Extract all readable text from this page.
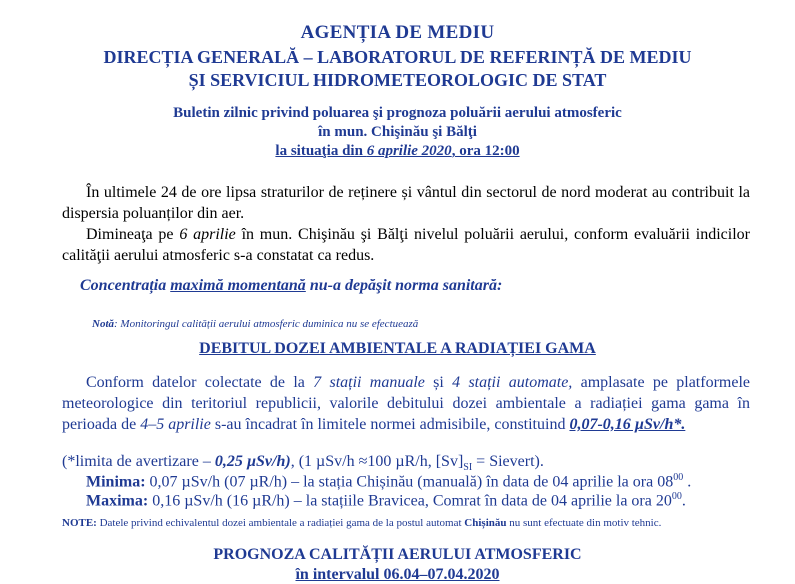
AGENȚIA DE MEDIU
DIRECȚIA GENERALĂ – LABORATORUL DE REFERINȚĂ DE MEDIU
ȘI SERVICIUL HIDROMETEOROLOGIC DE STAT
Buletin zilnic privind poluarea şi prognoza poluării aerului atmosferic
în mun. Chişinău şi Bălţi
la situaţia din 6 aprilie 2020, ora 12:00
În ultimele 24 de ore lipsa straturilor de reținere și vântul din sectorul de nord moderat au contribuit la dispersia poluanților din aer.
Dimineaţa pe 6 aprilie în mun. Chişinău şi Bălţi nivelul poluării aerului, conform evaluării indicilor calităţii aerului atmosferic s-a constatat ca redus.
Concentrația maximă momentană nu-a depăşit norma sanitară:
Notă: Monitoringul calității aerului atmosferic duminica nu se efectuează
DEBITUL DOZEI AMBIENTALE A RADIAȚIEI GAMA
Conform datelor colectate de la 7 stații manuale și 4 stații automate, amplasate pe platformele meteorologice din teritoriul republicii, valorile debitului dozei ambientale a radiației gama gama în perioada de 4–5 aprilie s-au încadrat în limitele normei admisibile, constituind 0,07-0,16 µSv/h*.
(*limita de avertizare – 0,25 µSv/h), (1 µSv/h ≈100 µR/h, $[Sv]_{SI}$ = Sievert).
Minima: 0,07 µSv/h (07 µR/h) – la stația Chișinău (manuală) în data de 04 aprilie la ora $08^{00}$ .
Maxima: 0,16 µSv/h (16 µR/h) – la stațiile Bravicea, Comrat în data de 04 aprilie la ora $20^{00}$.
NOTE: Datele privind echivalentul dozei ambientale a radiației gama de la postul automat Chișinău nu sunt efectuate din motiv tehnic.
PROGNOZA CALITĂȚII AERULUI ATMOSFERIC
în intervalul 06.04–07.04.2020
